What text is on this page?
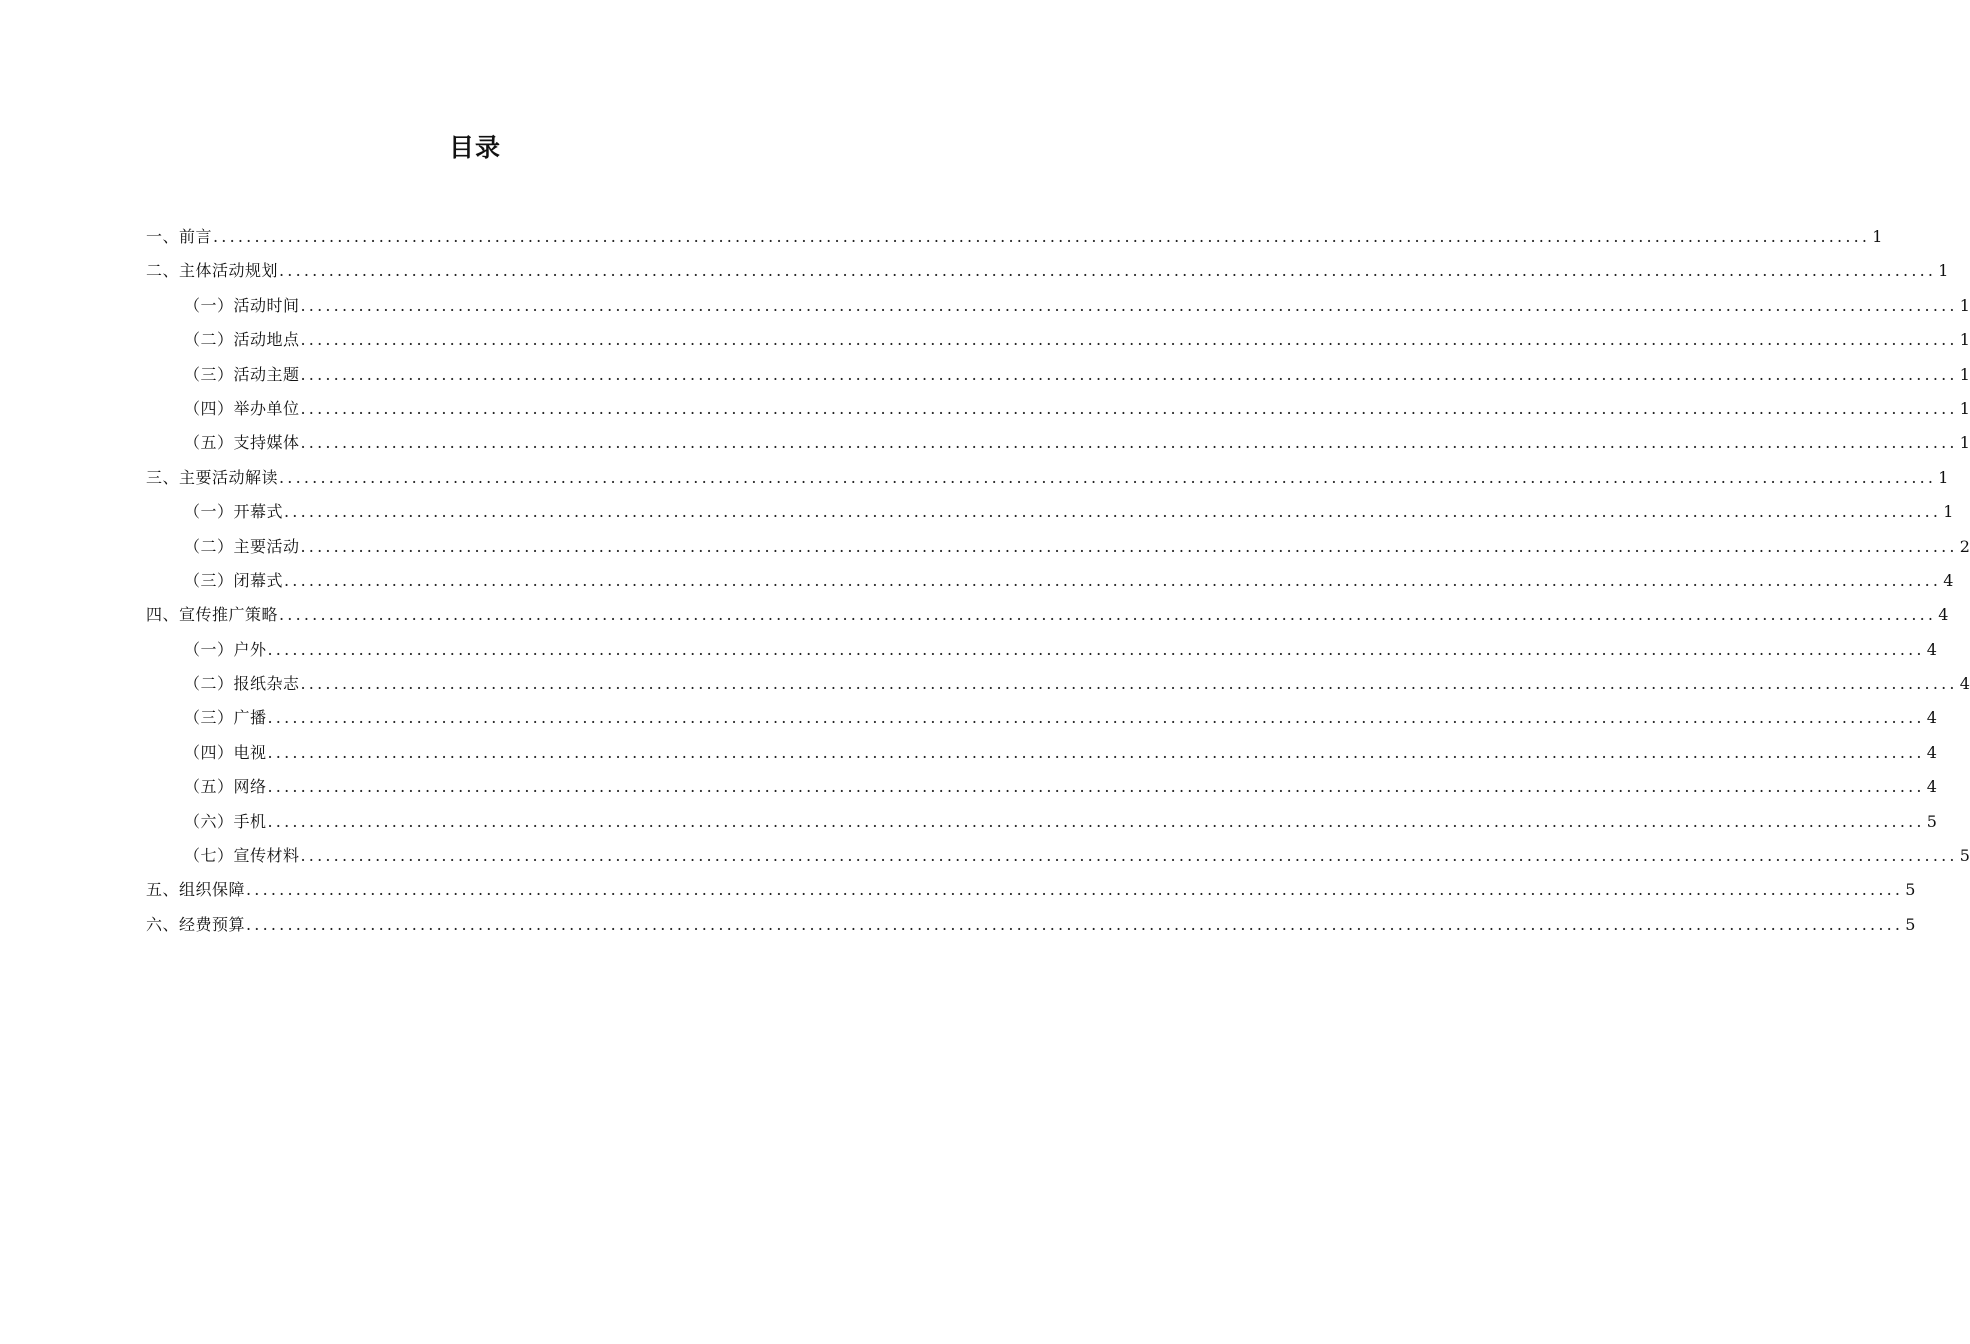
目录
一、前言 ........................................................................................................................................................................................................ 1
二、主体活动规划 ........................................................................................................................................................................................................ 1
（一）活动时间 ........................................................................................................................................................................................................ 1
（二）活动地点 ........................................................................................................................................................................................................ 1
（三）活动主题 ........................................................................................................................................................................................................ 1
（四）举办单位 ........................................................................................................................................................................................................ 1
（五）支持媒体 ........................................................................................................................................................................................................ 1
三、主要活动解读 ........................................................................................................................................................................................................ 1
（一）开幕式 ........................................................................................................................................................................................................ 1
（二）主要活动 ........................................................................................................................................................................................................ 2
（三）闭幕式 ........................................................................................................................................................................................................ 4
四、宣传推广策略 ........................................................................................................................................................................................................ 4
（一）户外 ........................................................................................................................................................................................................ 4
（二）报纸杂志 ........................................................................................................................................................................................................ 4
（三）广播 ........................................................................................................................................................................................................ 4
（四）电视 ........................................................................................................................................................................................................ 4
（五）网络 ........................................................................................................................................................................................................ 4
（六）手机 ........................................................................................................................................................................................................ 5
（七）宣传材料 ........................................................................................................................................................................................................ 5
五、组织保障 ........................................................................................................................................................................................................ 5
六、经费预算 ........................................................................................................................................................................................................ 5
